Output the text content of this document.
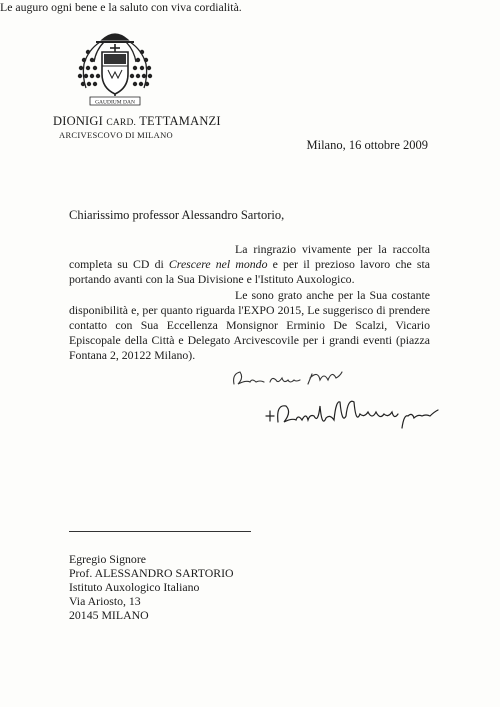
GAUDIUM DAN
DIONIGI CARD. TETTAMANZI
ARCIVESCOVO DI MILANO
Milano, 16 ottobre 2009
Chiarissimo professor Alessandro Sartorio,
La ringrazio vivamente per la raccolta completa su CD di Crescere nel mondo e per il prezioso lavoro che sta portando avanti con la Sua Divisione e l'Istituto Auxologico.
Le sono grato anche per la Sua costante disponibilità e, per quanto riguarda l'EXPO 2015, Le suggerisco di prendere contatto con Sua Eccellenza Monsignor Erminio De Scalzi, Vicario Episcopale della Città e Delegato Arcivescovile per i grandi eventi (piazza Fontana 2, 20122 Milano).
Le auguro ogni bene e la saluto con viva cordialità.
Egregio Signore
Prof. ALESSANDRO SARTORIO
Istituto Auxologico Italiano
Via Ariosto, 13
20145 MILANO
